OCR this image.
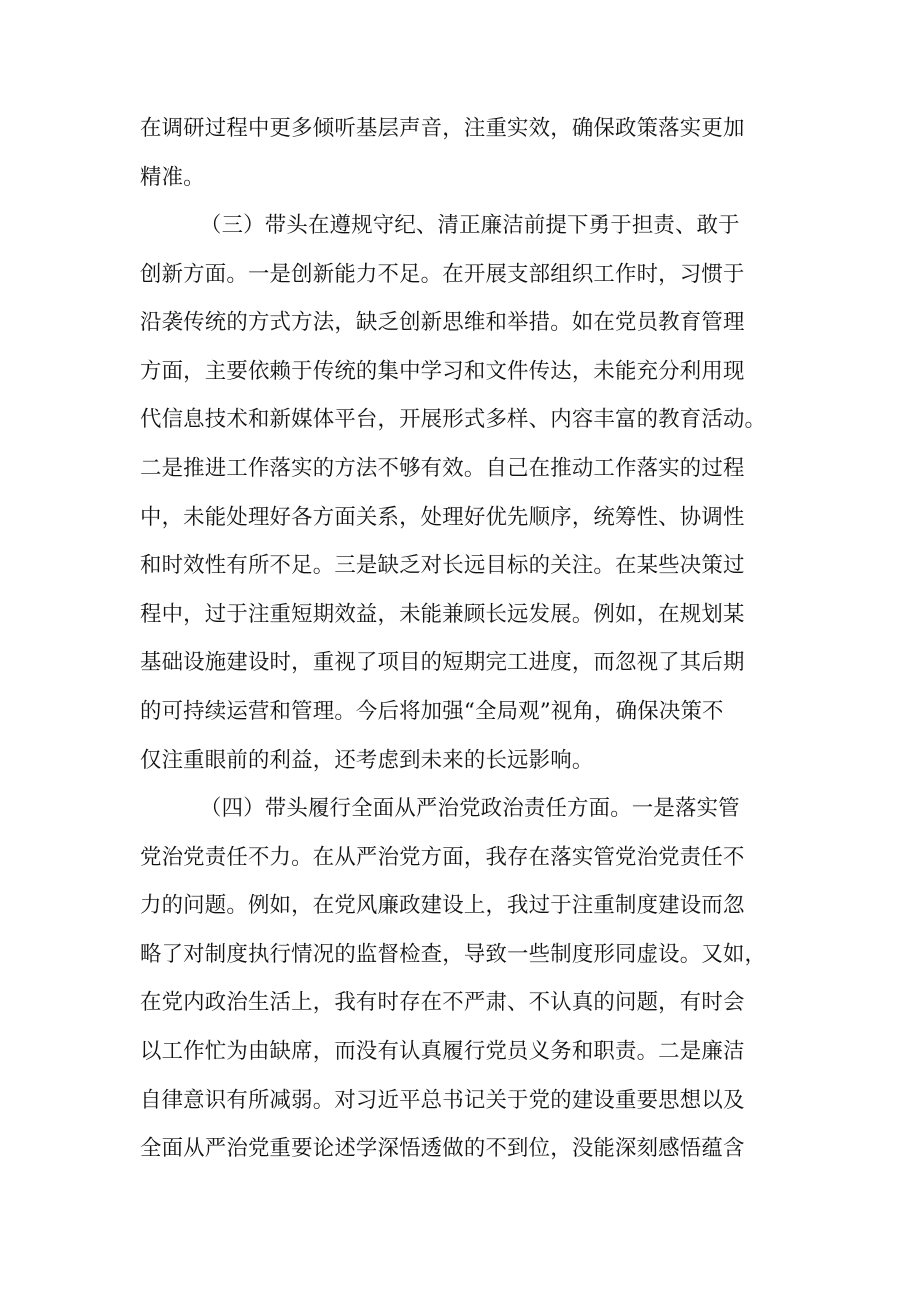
在调研过程中更多倾听基层声音，注重实效，确保政策落实更加
精准。
（三）带头在遵规守纪、清正廉洁前提下勇于担责、敢于
创新方面。一是创新能力不足。在开展支部组织工作时，习惯于
沿袭传统的方式方法，缺乏创新思维和举措。如在党员教育管理
方面，主要依赖于传统的集中学习和文件传达，未能充分利用现
代信息技术和新媒体平台，开展形式多样、内容丰富的教育活动。
二是推进工作落实的方法不够有效。自己在推动工作落实的过程
中，未能处理好各方面关系，处理好优先顺序，统筹性、协调性
和时效性有所不足。三是缺乏对长远目标的关注。在某些决策过
程中，过于注重短期效益，未能兼顾长远发展。例如，在规划某
基础设施建设时，重视了项目的短期完工进度，而忽视了其后期
的可持续运营和管理。今后将加强“全局观”视角，确保决策不
仅注重眼前的利益，还考虑到未来的长远影响。
（四）带头履行全面从严治党政治责任方面。一是落实管
党治党责任不力。在从严治党方面，我存在落实管党治党责任不
力的问题。例如，在党风廉政建设上，我过于注重制度建设而忽
略了对制度执行情况的监督检查，导致一些制度形同虚设。又如，
在党内政治生活上，我有时存在不严肃、不认真的问题，有时会
以工作忙为由缺席，而没有认真履行党员义务和职责。二是廉洁
自律意识有所减弱。对习近平总书记关于党的建设重要思想以及
全面从严治党重要论述学深悟透做的不到位，没能深刻感悟蕴含
